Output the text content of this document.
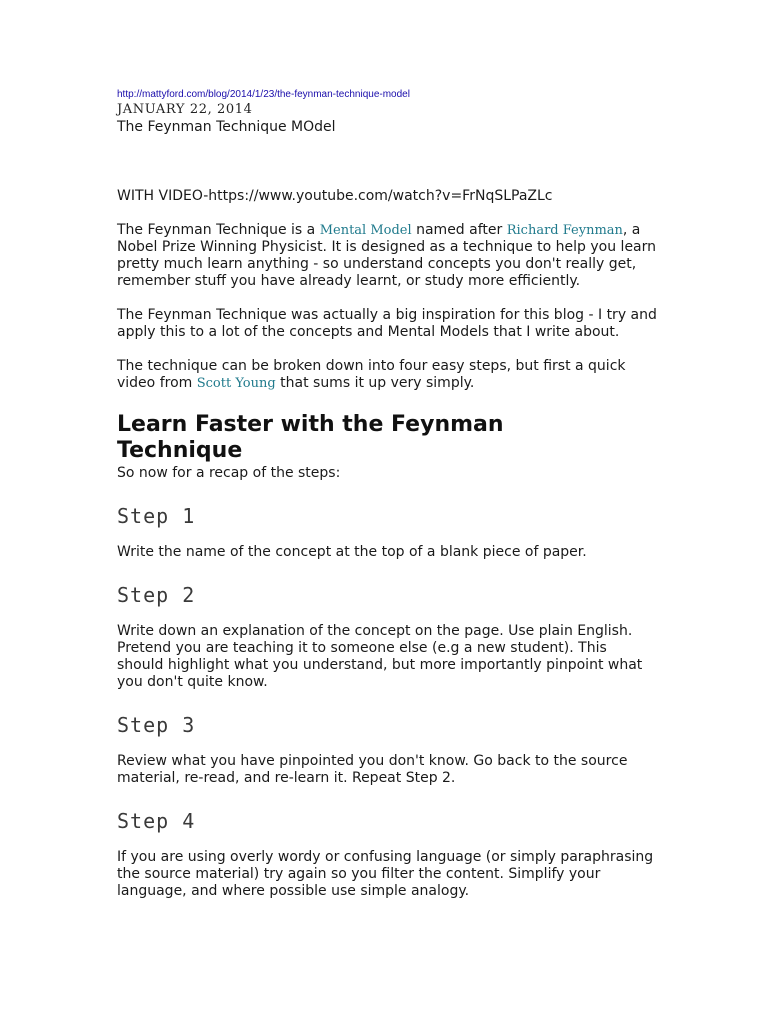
http://mattyford.com/blog/2014/1/23/the-feynman-technique-model
JANUARY 22, 2014
The Feynman Technique MOdel
WITH VIDEO-https://www.youtube.com/watch?v=FrNqSLPaZLc

The Feynman Technique is a Mental Model named after Richard Feynman, a Nobel Prize Winning Physicist. It is designed as a technique to help you learn pretty much learn anything - so understand concepts you don't really get, remember stuff you have already learnt, or study more efficiently.

The Feynman Technique was actually a big inspiration for this blog - I try and apply this to a lot of the concepts and Mental Models that I write about.

The technique can be broken down into four easy steps, but first a quick video from Scott Young that sums it up very simply.

Learn Faster with the Feynman Technique

So now for a recap of the steps:

Step 1

Write the name of the concept at the top of a blank piece of paper.

Step 2

Write down an explanation of the concept on the page. Use plain English. Pretend you are teaching it to someone else (e.g a new student). This should highlight what you understand, but more importantly pinpoint what you don't quite know.

Step 3

Review what you have pinpointed you don't know. Go back to the source material, re-read, and re-learn it. Repeat Step 2.

Step 4

If you are using overly wordy or confusing language (or simply paraphrasing the source material) try again so you filter the content. Simplify your language, and where possible use simple analogy.
